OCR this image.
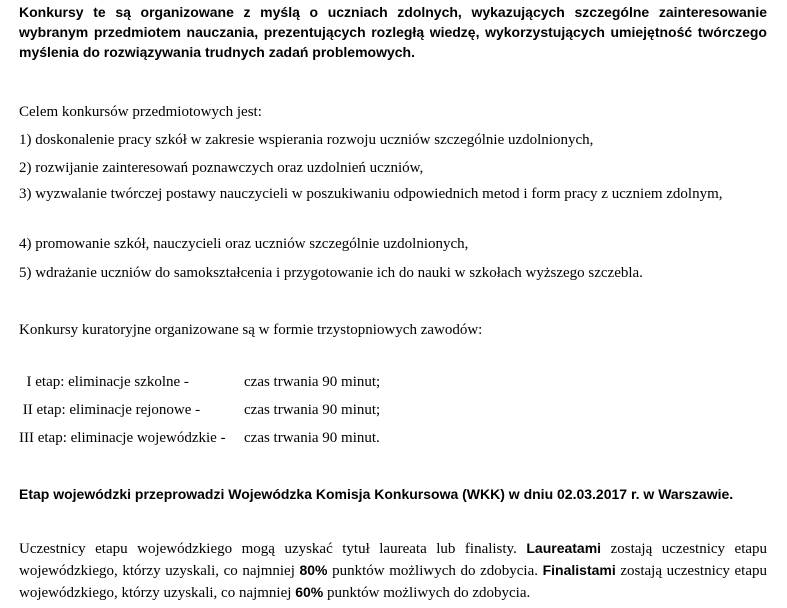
Konkursy te są organizowane z myślą o uczniach zdolnych, wykazujących szczególne zainteresowanie wybranym przedmiotem nauczania, prezentujących rozległą wiedzę, wykorzystujących umiejętność twórczego myślenia do rozwiązywania trudnych zadań problemowych.

Celem konkursów przedmiotowych jest:
1) doskonalenie pracy szkół w zakresie wspierania rozwoju uczniów szczególnie uzdolnionych,
2) rozwijanie zainteresowań poznawczych oraz uzdolnień uczniów,
3) wyzwalanie twórczej postawy nauczycieli w poszukiwaniu odpowiednich metod i form pracy z uczniem zdolnym,
4) promowanie szkół, nauczycieli oraz uczniów szczególnie uzdolnionych,
5) wdrażanie uczniów do samokształcenia i przygotowanie ich do nauki w szkołach wyższego szczebla.
Konkursy kuratoryjne organizowane są w formie trzystopniowych zawodów:
I etap: eliminacje szkolne -	czas trwania 90 minut;
II etap: eliminacje rejonowe -	czas trwania 90 minut;
III etap: eliminacje wojewódzkie - czas trwania 90 minut.
Etap wojewódzki przeprowadzi Wojewódzka Komisja Konkursowa (WKK) w dniu 02.03.2017 r. w Warszawie.

Uczestnicy etapu wojewódzkiego mogą uzyskać tytuł laureata lub finalisty. Laureatami zostają uczestnicy etapu wojewódzkiego, którzy uzyskali, co najmniej 80% punktów możliwych do zdobycia. Finalistami zostają uczestnicy etapu wojewódzkiego, którzy uzyskali, co najmniej 60% punktów możliwych do zdobycia.
